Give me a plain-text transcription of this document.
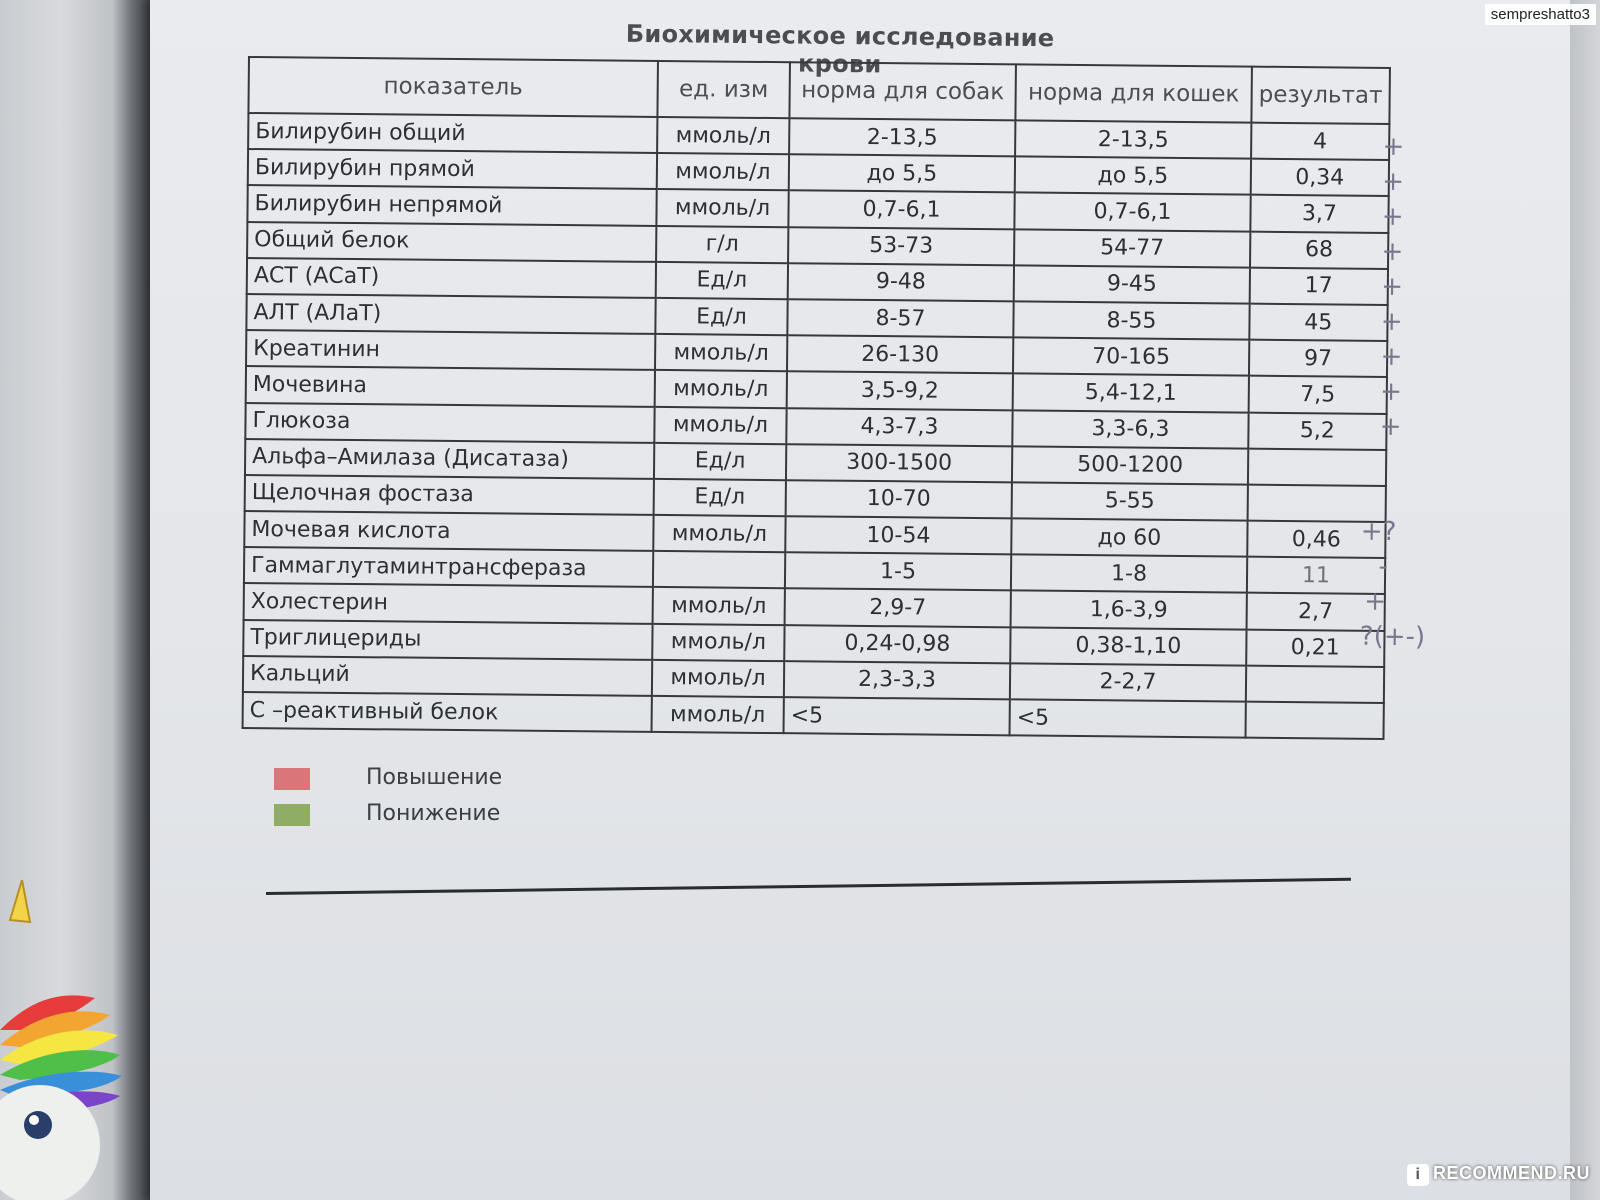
sempreshatto3
Биохимическое исследование крови
показатель	ед. изм	норма для собак	норма для кошек	результат
Билирубин общий	ммоль/л	2-13,5	2-13,5	4
Билирубин прямой	ммоль/л	до 5,5	до 5,5	0,34
Билирубин непрямой	ммоль/л	0,7-6,1	0,7-6,1	3,7
Общий белок	г/л	53-73	54-77	68
АСТ (АСаТ)	Ед/л	9-48	9-45	17
АЛТ (АЛаТ)	Ед/л	8-57	8-55	45
Креатинин	ммоль/л	26-130	70-165	97
Мочевина	ммоль/л	3,5-9,2	5,4-12,1	7,5
Глюкоза	ммоль/л	4,3-7,3	3,3-6,3	5,2
Альфа–Амилаза (Дисатаза)	Ед/л	300-1500	500-1200	
Щелочная фостаза	Ед/л	10-70	5-55	
Мочевая кислота	ммоль/л	10-54	до 60	0,46
Гаммаглутаминтрансфераза		1-5	1-8	11
Холестерин	ммоль/л	2,9-7	1,6-3,9	2,7
Триглицериды	ммоль/л	0,24-0,98	0,38-1,10	0,21
Кальций	ммоль/л	2,3-3,3	2-2,7	
С –реактивный белок	ммоль/л	<5	<5	
+
+
+
+
+
+
+
+
+
+?
-
+
?(+-)
Повышение
Понижение
i RECOMMEND.RU
